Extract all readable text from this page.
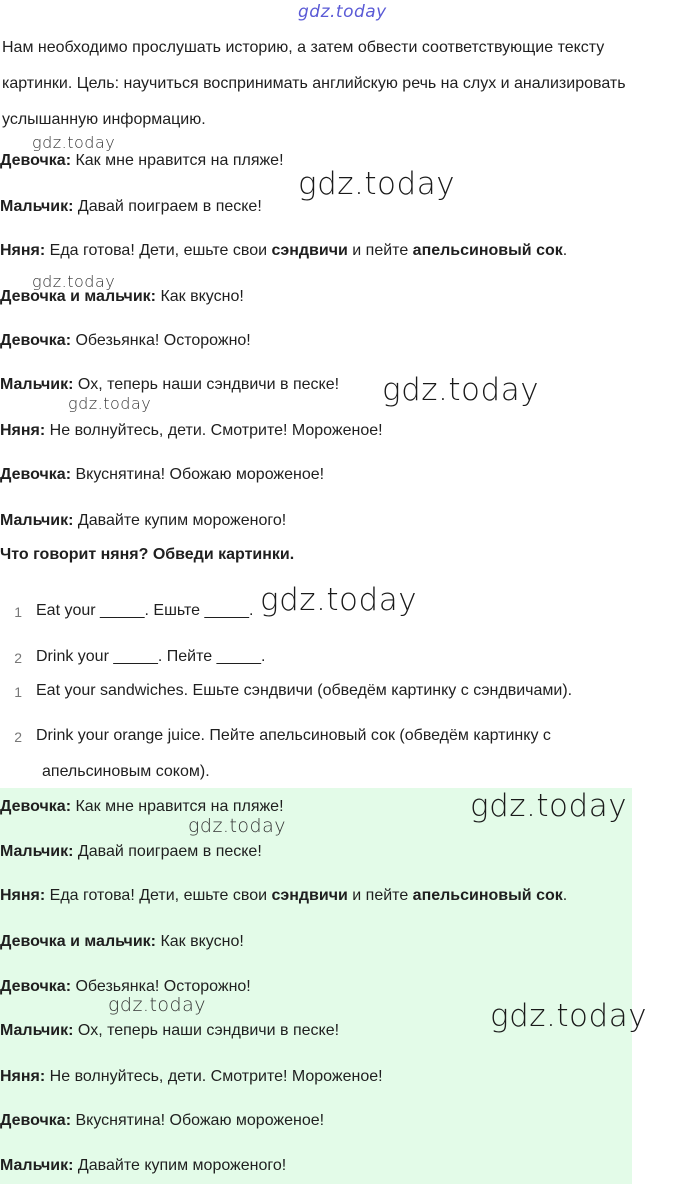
gdz.today
Нам необходимо прослушать историю, а затем обвести соответствующие тексту картинки. Цель: научиться воспринимать английскую речь на слух и анализировать услышанную информацию.
Девочка: Как мне нравится на пляже!
Мальчик: Давай поиграем в песке!
Няня: Еда готова! Дети, ешьте свои сэндвичи и пейте апельсиновый сок.
Девочка и мальчик: Как вкусно!
Девочка: Обезьянка! Осторожно!
Мальчик: Ох, теперь наши сэндвичи в песке!
Няня: Не волнуйтесь, дети. Смотрите! Мороженое!
Девочка: Вкуснятина! Обожаю мороженое!
Мальчик: Давайте купим мороженого!
Что говорит няня? Обведи картинки.
1 Eat your _____. Ешьте _____.
2 Drink your _____. Пейте _____.
1 Eat your sandwiches. Ешьте сэндвичи (обведём картинку с сэндвичами).
2 Drink your orange juice. Пейте апельсиновый сок (обведём картинку с
апельсиновым соком).
Девочка: Как мне нравится на пляже!
Мальчик: Давай поиграем в песке!
Няня: Еда готова! Дети, ешьте свои сэндвичи и пейте апельсиновый сок.
Девочка и мальчик: Как вкусно!
Девочка: Обезьянка! Осторожно!
Мальчик: Ох, теперь наши сэндвичи в песке!
Няня: Не волнуйтесь, дети. Смотрите! Мороженое!
Девочка: Вкуснятина! Обожаю мороженое!
Мальчик: Давайте купим мороженого!
gdz.today
gdz.today
gdz.today
gdz.today
gdz.today
gdz.today
gdz.today
gdz.today
gdz.today	gdz.today
